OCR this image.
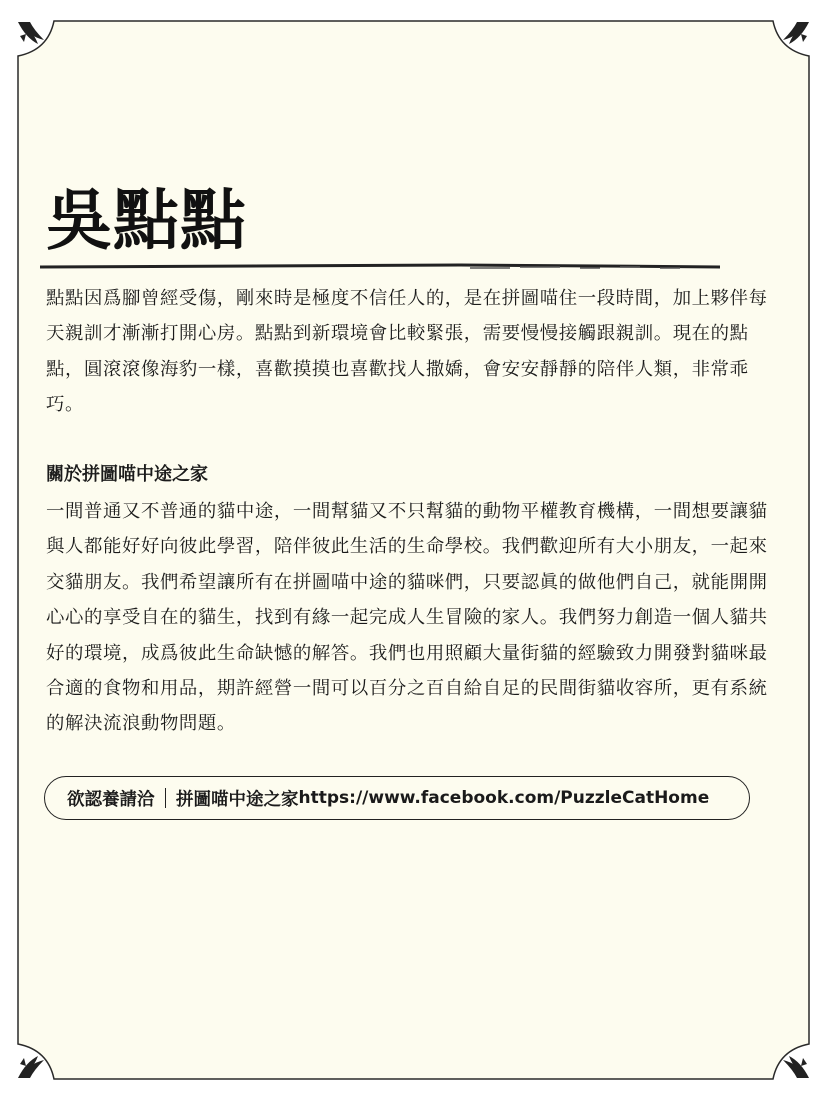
吳點點

點點因爲腳曾經受傷，剛來時是極度不信任人的，是在拼圖喵住一段時間，加上夥伴每天親訓才漸漸打開心房。點點到新環境會比較緊張，需要慢慢接觸跟親訓。現在的點點，圓滾滾像海豹一樣，喜歡摸摸也喜歡找人撒嬌，會安安靜靜的陪伴人類，非常乖巧。

關於拼圖喵中途之家

一間普通又不普通的貓中途，一間幫貓又不只幫貓的動物平權教育機構，一間想要讓貓與人都能好好向彼此學習，陪伴彼此生活的生命學校。我們歡迎所有大小朋友，一起來交貓朋友。我們希望讓所有在拼圖喵中途的貓咪們，只要認眞的做他們自己，就能開開心心的享受自在的貓生，找到有緣一起完成人生冒險的家人。我們努力創造一個人貓共好的環境，成爲彼此生命缺憾的解答。我們也用照顧大量街貓的經驗致力開發對貓咪最合適的食物和用品，期許經營一間可以百分之百自給自足的民間街貓收容所，更有系統的解決流浪動物問題。

欲認養請洽 拼圖喵中途之家 https://www.facebook.com/PuzzleCatHome
